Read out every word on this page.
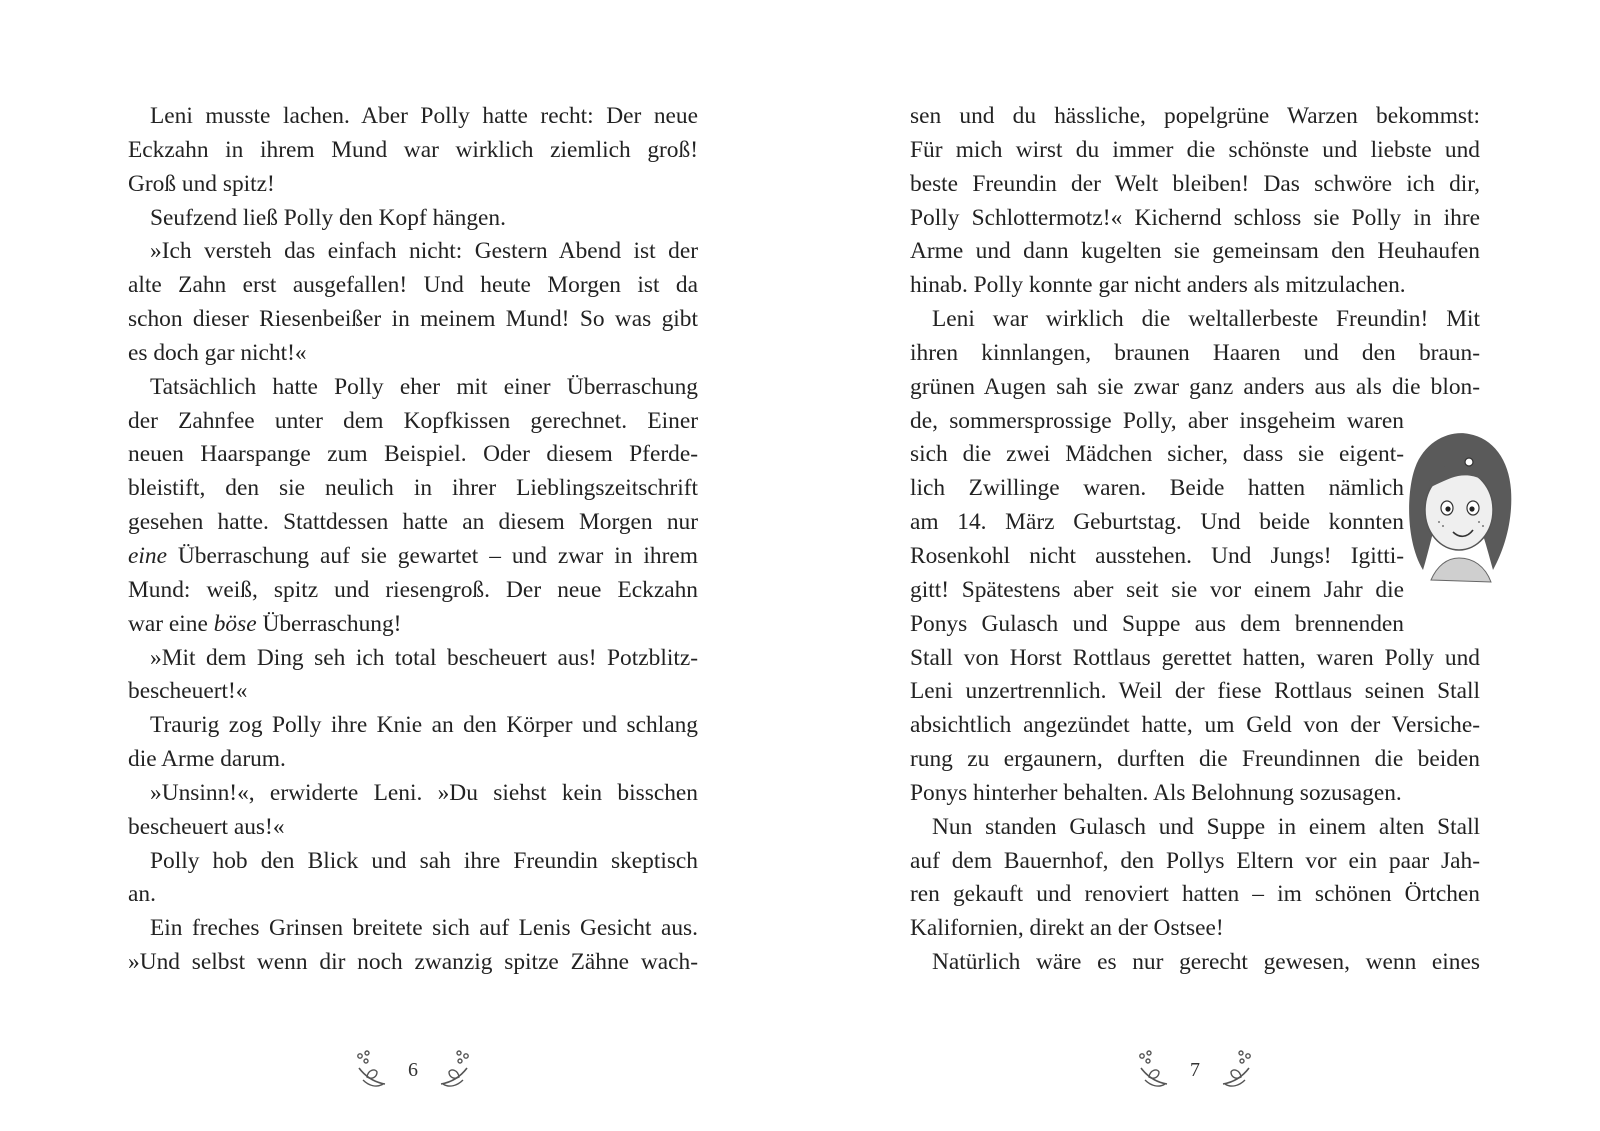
Leni musste lachen. Aber Polly hatte recht: Der neue
Eckzahn in ihrem Mund war wirklich ziemlich groß!
Groß und spitz!
Seufzend ließ Polly den Kopf hängen.
»Ich versteh das einfach nicht: Gestern Abend ist der
alte Zahn erst ausgefallen! Und heute Morgen ist da
schon dieser Riesenbeißer in meinem Mund! So was gibt
es doch gar nicht!«
Tatsächlich hatte Polly eher mit einer Überraschung
der Zahnfee unter dem Kopfkissen gerechnet. Einer
neuen Haarspange zum Beispiel. Oder diesem Pferde-
bleistift, den sie neulich in ihrer Lieblingszeitschrift
gesehen hatte. Stattdessen hatte an diesem Morgen nur
eine Überraschung auf sie gewartet – und zwar in ihrem
Mund: weiß, spitz und riesengroß. Der neue Eckzahn
war eine böse Überraschung!
»Mit dem Ding seh ich total bescheuert aus! Potzblitz-
bescheuert!«
Traurig zog Polly ihre Knie an den Körper und schlang
die Arme darum.
»Unsinn!«, erwiderte Leni. »Du siehst kein bisschen
bescheuert aus!«
Polly hob den Blick und sah ihre Freundin skeptisch
an.
Ein freches Grinsen breitete sich auf Lenis Gesicht aus.
»Und selbst wenn dir noch zwanzig spitze Zähne wach-
sen und du hässliche, popelgrüne Warzen bekommst:
Für mich wirst du immer die schönste und liebste und
beste Freundin der Welt bleiben! Das schwöre ich dir,
Polly Schlottermotz!« Kichernd schloss sie Polly in ihre
Arme und dann kugelten sie gemeinsam den Heuhaufen
hinab. Polly konnte gar nicht anders als mitzulachen.
Leni war wirklich die weltallerbeste Freundin! Mit
ihren kinnlangen, braunen Haaren und den braun-
grünen Augen sah sie zwar ganz anders aus als die blon-
de, sommersprossige Polly, aber insgeheim waren
sich die zwei Mädchen sicher, dass sie eigent-
lich Zwillinge waren. Beide hatten nämlich
am 14. März Geburtstag. Und beide konnten
Rosenkohl nicht ausstehen. Und Jungs! Igitti-
gitt! Spätestens aber seit sie vor einem Jahr die
Ponys Gulasch und Suppe aus dem brennenden
Stall von Horst Rottlaus gerettet hatten, waren Polly und
Leni unzertrennlich. Weil der fiese Rottlaus seinen Stall
absichtlich angezündet hatte, um Geld von der Versiche-
rung zu ergaunern, durften die Freundinnen die beiden
Ponys hinterher behalten. Als Belohnung sozusagen.
Nun standen Gulasch und Suppe in einem alten Stall
auf dem Bauernhof, den Pollys Eltern vor ein paar Jah-
ren gekauft und renoviert hatten – im schönen Örtchen
Kalifornien, direkt an der Ostsee!
Natürlich wäre es nur gerecht gewesen, wenn eines
6	7
